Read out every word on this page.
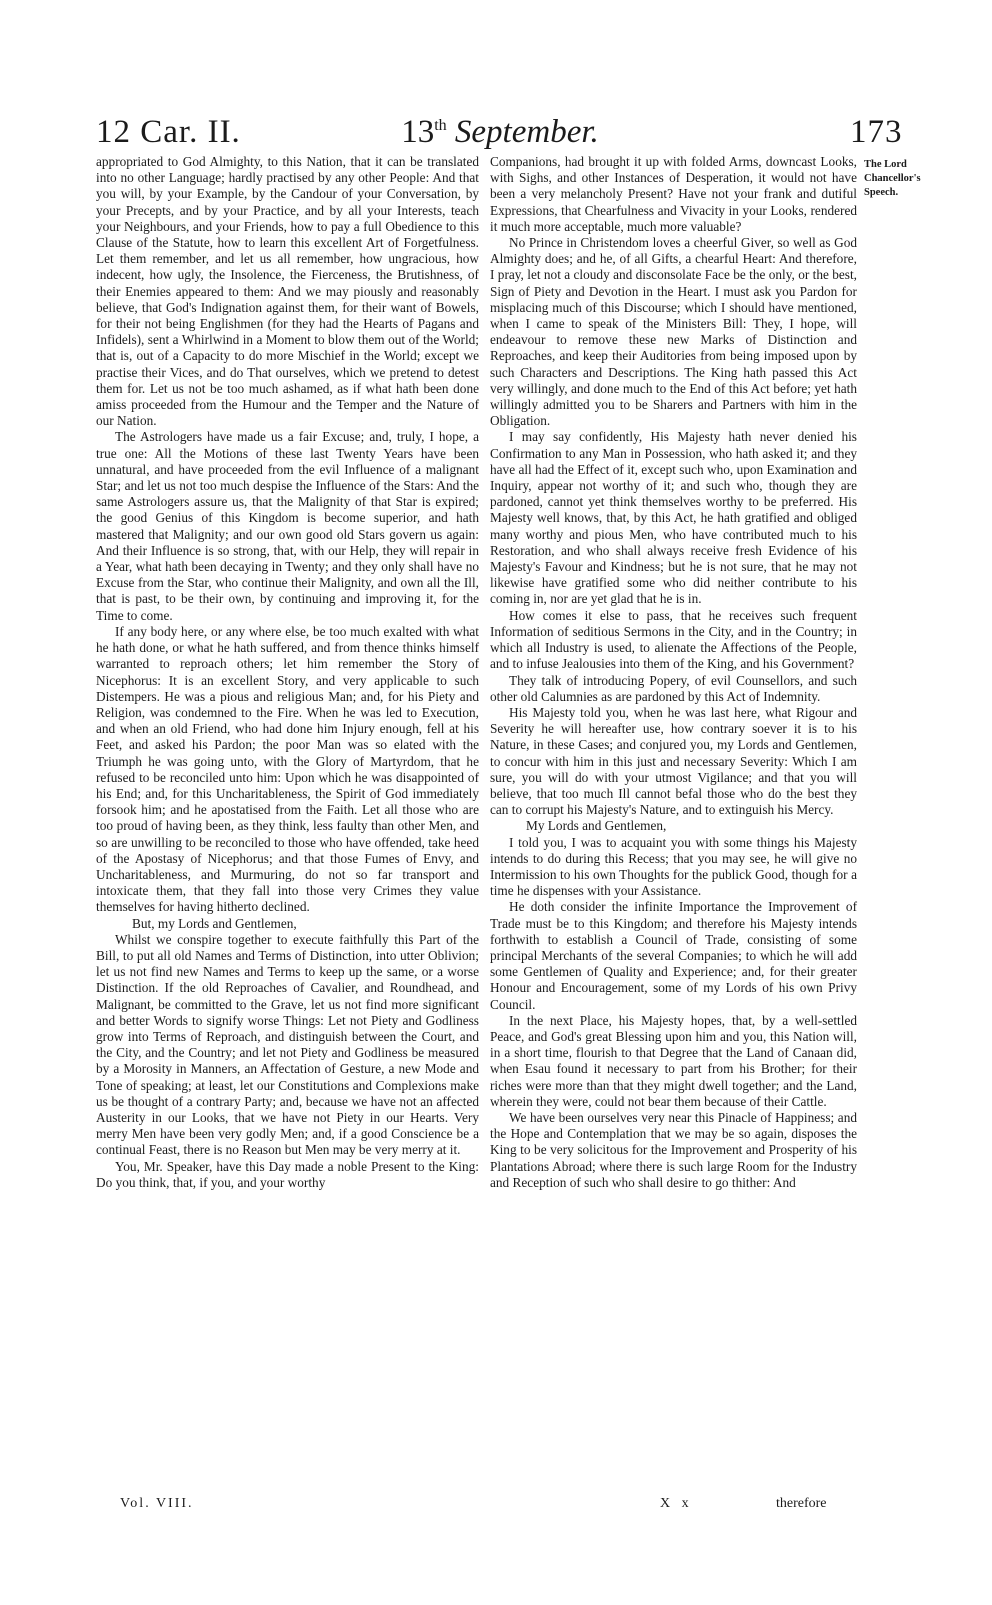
12 Car. II.	13th September.	173

appropriated to God Almighty, to this Nation, that it can be translated into no other Language; hardly practised by any other People: And that you will, by your Example, by the Candour of your Conversation, by your Precepts, and by your Practice, and by all your Interests, teach your Neighbours, and your Friends, how to pay a full Obedience to this Clause of the Statute, how to learn this excellent Art of Forgetfulness. Let them remember, and let us all remember, how ungracious, how indecent, how ugly, the Insolence, the Fierceness, the Brutishness, of their Enemies appeared to them: And we may piously and reasonably believe, that God's Indignation against them, for their want of Bowels, for their not being Englishmen (for they had the Hearts of Pagans and Infidels), sent a Whirlwind in a Moment to blow them out of the World; that is, out of a Capacity to do more Mischief in the World; except we practise their Vices, and do That ourselves, which we pretend to detest them for. Let us not be too much ashamed, as if what hath been done amiss proceeded from the Humour and the Temper and the Nature of our Nation.

The Astrologers have made us a fair Excuse; and, truly, I hope, a true one: All the Motions of these last Twenty Years have been unnatural, and have proceeded from the evil Influence of a malignant Star; and let us not too much despise the Influence of the Stars: And the same Astrologers assure us, that the Malignity of that Star is expired; the good Genius of this Kingdom is become superior, and hath mastered that Malignity; and our own good old Stars govern us again: And their Influence is so strong, that, with our Help, they will repair in a Year, what hath been decaying in Twenty; and they only shall have no Excuse from the Star, who continue their Malignity, and own all the Ill, that is past, to be their own, by continuing and improving it, for the Time to come.

If any body here, or any where else, be too much exalted with what he hath done, or what he hath suffered, and from thence thinks himself warranted to reproach others; let him remember the Story of Nicephorus: It is an excellent Story, and very applicable to such Distempers. He was a pious and religious Man; and, for his Piety and Religion, was condemned to the Fire. When he was led to Execution, and when an old Friend, who had done him Injury enough, fell at his Feet, and asked his Pardon; the poor Man was so elated with the Triumph he was going unto, with the Glory of Martyrdom, that he refused to be reconciled unto him: Upon which he was disappointed of his End; and, for this Uncharitableness, the Spirit of God immediately forsook him; and he apostatised from the Faith. Let all those who are too proud of having been, as they think, less faulty than other Men, and so are unwilling to be reconciled to those who have offended, take heed of the Apostasy of Nicephorus; and that those Fumes of Envy, and Uncharitableness, and Murmuring, do not so far transport and intoxicate them, that they fall into those very Crimes they value themselves for having hitherto declined.

But, my Lords and Gentlemen,

Whilst we conspire together to execute faithfully this Part of the Bill, to put all old Names and Terms of Distinction, into utter Oblivion; let us not find new Names and Terms to keep up the same, or a worse Distinction. If the old Reproaches of Cavalier, and Roundhead, and Malignant, be committed to the Grave, let us not find more significant and better Words to signify worse Things: Let not Piety and Godliness grow into Terms of Reproach, and distinguish between the Court, and the City, and the Country; and let not Piety and Godliness be measured by a Morosity in Manners, an Affectation of Gesture, a new Mode and Tone of speaking; at least, let our Constitutions and Complexions make us be thought of a contrary Party; and, because we have not an affected Austerity in our Looks, that we have not Piety in our Hearts. Very merry Men have been very godly Men; and, if a good Conscience be a continual Feast, there is no Reason but Men may be very merry at it.

You, Mr. Speaker, have this Day made a noble Present to the King: Do you think, that, if you, and your worthy

Companions, had brought it up with folded Arms, downcast Looks, with Sighs, and other Instances of Desperation, it would not have been a very melancholy Present? Have not your frank and dutiful Expressions, that Chearfulness and Vivacity in your Looks, rendered it much more acceptable, much more valuable?

No Prince in Christendom loves a cheerful Giver, so well as God Almighty does; and he, of all Gifts, a chearful Heart: And therefore, I pray, let not a cloudy and disconsolate Face be the only, or the best, Sign of Piety and Devotion in the Heart. I must ask you Pardon for misplacing much of this Discourse; which I should have mentioned, when I came to speak of the Ministers Bill: They, I hope, will endeavour to remove these new Marks of Distinction and Reproaches, and keep their Auditories from being imposed upon by such Characters and Descriptions. The King hath passed this Act very willingly, and done much to the End of this Act before; yet hath willingly admitted you to be Sharers and Partners with him in the Obligation.

I may say confidently, His Majesty hath never denied his Confirmation to any Man in Possession, who hath asked it; and they have all had the Effect of it, except such who, upon Examination and Inquiry, appear not worthy of it; and such who, though they are pardoned, cannot yet think themselves worthy to be preferred. His Majesty well knows, that, by this Act, he hath gratified and obliged many worthy and pious Men, who have contributed much to his Restoration, and who shall always receive fresh Evidence of his Majesty's Favour and Kindness; but he is not sure, that he may not likewise have gratified some who did neither contribute to his coming in, nor are yet glad that he is in.

How comes it else to pass, that he receives such frequent Information of seditious Sermons in the City, and in the Country; in which all Industry is used, to alienate the Affections of the People, and to infuse Jealousies into them of the King, and his Government?

They talk of introducing Popery, of evil Counsellors, and such other old Calumnies as are pardoned by this Act of Indemnity.

His Majesty told you, when he was last here, what Rigour and Severity he will hereafter use, how contrary soever it is to his Nature, in these Cases; and conjured you, my Lords and Gentlemen, to concur with him in this just and necessary Severity: Which I am sure, you will do with your utmost Vigilance; and that you will believe, that too much Ill cannot befal those who do the best they can to corrupt his Majesty's Nature, and to extinguish his Mercy.

My Lords and Gentlemen,

I told you, I was to acquaint you with some things his Majesty intends to do during this Recess; that you may see, he will give no Intermission to his own Thoughts for the publick Good, though for a time he dispenses with your Assistance.

He doth consider the infinite Importance the Improvement of Trade must be to this Kingdom; and therefore his Majesty intends forthwith to establish a Council of Trade, consisting of some principal Merchants of the several Companies; to which he will add some Gentlemen of Quality and Experience; and, for their greater Honour and Encouragement, some of my Lords of his own Privy Council.

In the next Place, his Majesty hopes, that, by a well-settled Peace, and God's great Blessing upon him and you, this Nation will, in a short time, flourish to that Degree that the Land of Canaan did, when Esau found it necessary to part from his Brother; for their riches were more than that they might dwell together; and the Land, wherein they were, could not bear them because of their Cattle.

We have been ourselves very near this Pinacle of Happiness; and the Hope and Contemplation that we may be so again, disposes the King to be very solicitous for the Improvement and Prosperity of his Plantations Abroad; where there is such large Room for the Industry and Reception of such who shall desire to go thither: And

The Lord Chancellor's Speech.
Vol. VIII.	X x	therefore
